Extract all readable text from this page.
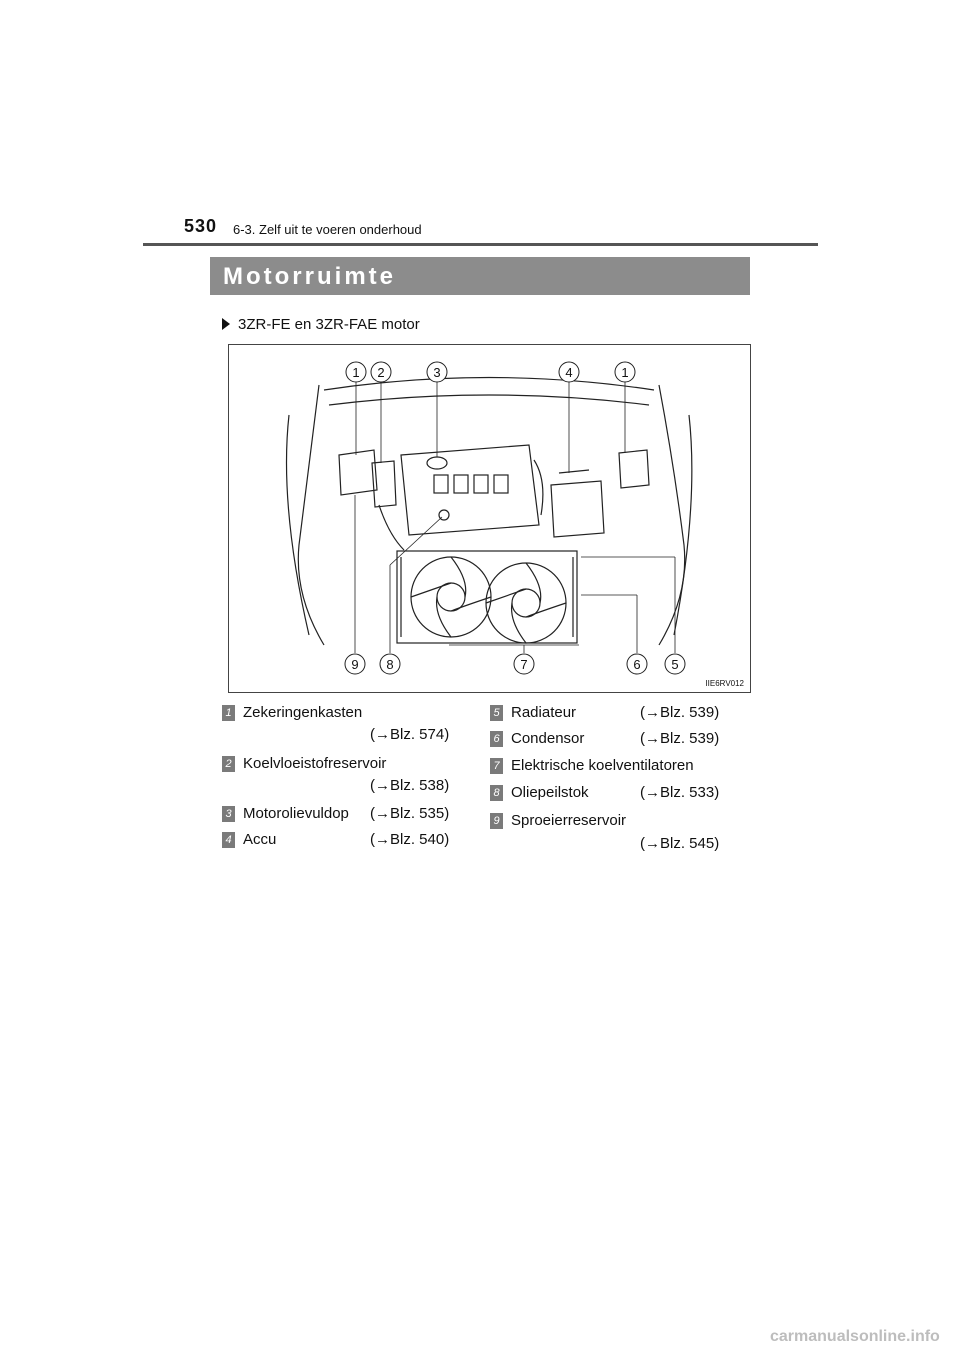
530 6-3. Zelf uit te voeren onderhoud
Motorruimte
3ZR-FE en 3ZR-FAE motor
1 2	3	4	1
9 8	7	6 5
IIE6RV012
1 Zekeringenkasten
(→Blz. 574)
2 Koelvloeistofreservoir
(→Blz. 538)
3 Motorolievuldop (→Blz. 535)
4 Accu	(→Blz. 540)
5 Radiateur	(→Blz. 539)
6 Condensor	(→Blz. 539)
7 Elektrische koelventilatoren
8 Oliepeilstok	(→Blz. 533)
9 Sproeierreservoir
(→Blz. 545)
carmanualsonline.info
